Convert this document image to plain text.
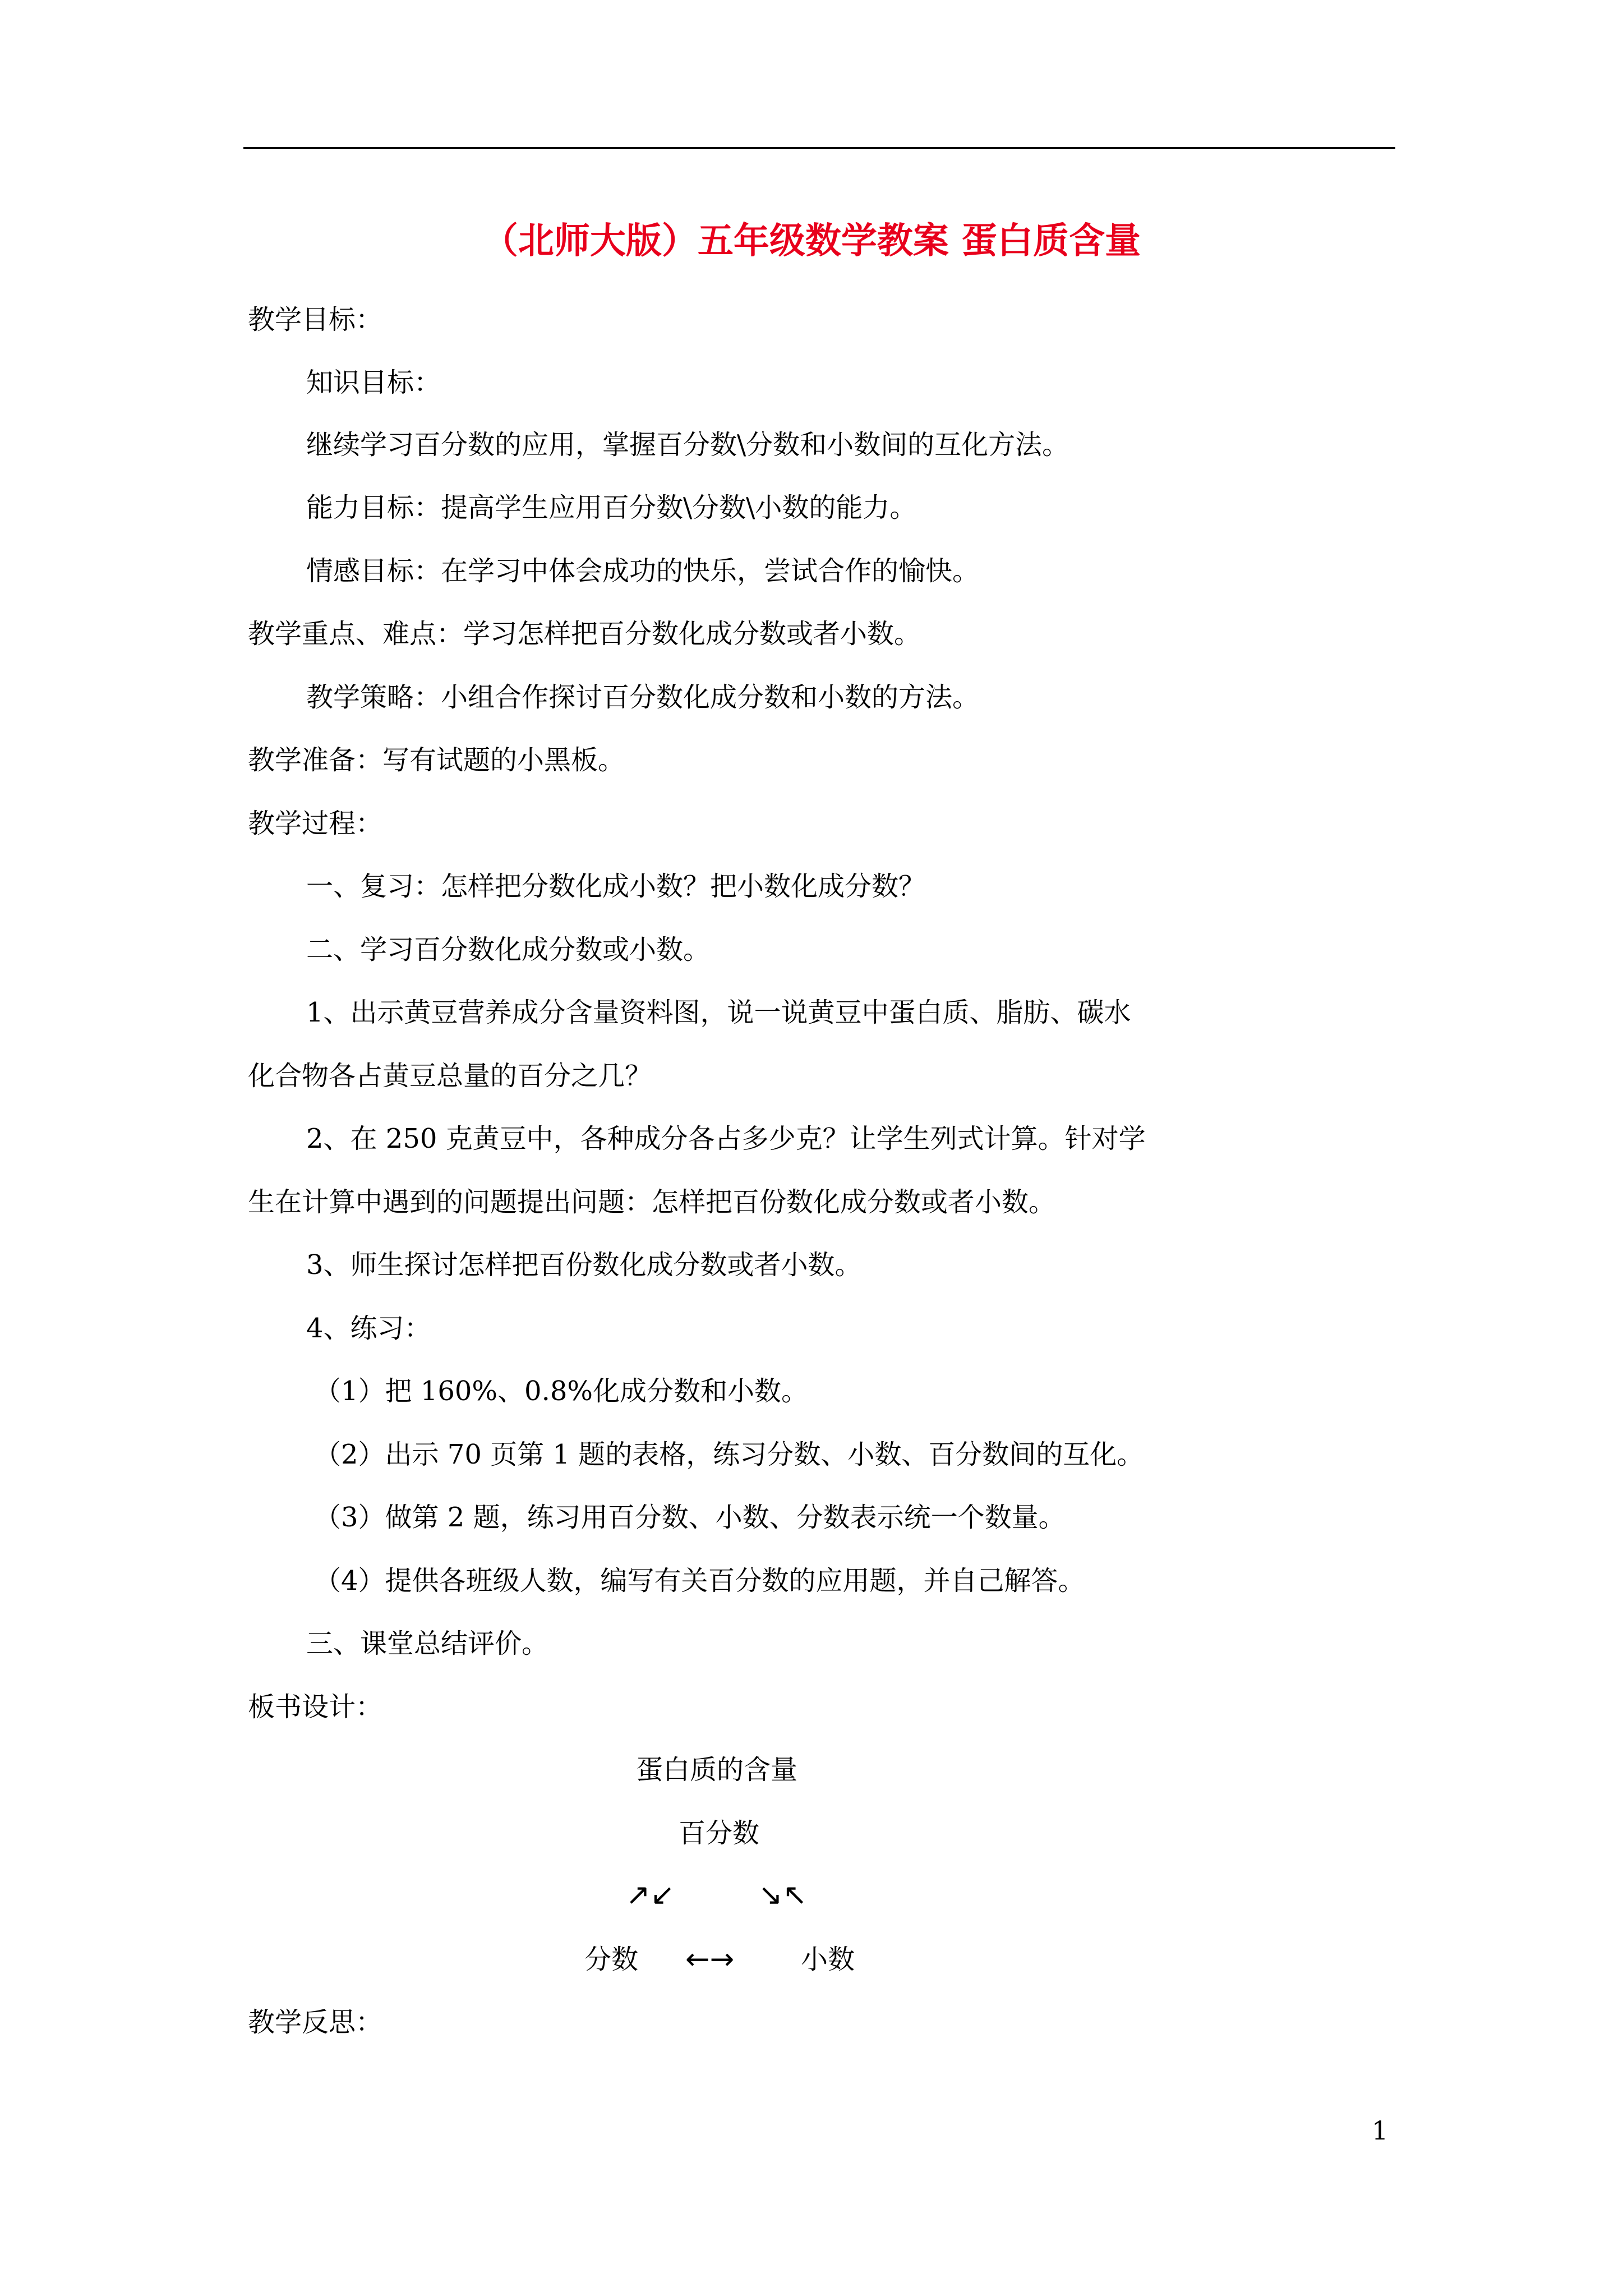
（北师大版）五年级数学教案 蛋白质含量
教学目标：
知识目标：
继续学习百分数的应用，掌握百分数\分数和小数间的互化方法。
能力目标：提高学生应用百分数\分数\小数的能力。
情感目标：在学习中体会成功的快乐，尝试合作的愉快。
教学重点、难点：学习怎样把百分数化成分数或者小数。
教学策略：小组合作探讨百分数化成分数和小数的方法。
教学准备：写有试题的小黑板。
教学过程：
一、复习：怎样把分数化成小数？把小数化成分数？
二、学习百分数化成分数或小数。
1、出示黄豆营养成分含量资料图，说一说黄豆中蛋白质、脂肪、碳水
化合物各占黄豆总量的百分之几？
2、在 250 克黄豆中，各种成分各占多少克？让学生列式计算。针对学
生在计算中遇到的问题提出问题：怎样把百份数化成分数或者小数。
3、师生探讨怎样把百份数化成分数或者小数。
4、练习：
（1）把 160%、0.8%化成分数和小数。
（2）出示 70 页第 1 题的表格，练习分数、小数、百分数间的互化。
（3）做第 2 题，练习用百分数、小数、分数表示统一个数量。
（4）提供各班级人数，编写有关百分数的应用题，并自己解答。
三、课堂总结评价。
板书设计：
蛋白质的含量
百分数
↗↙	↘↖
分数 ←→ 小数
教学反思：
1
